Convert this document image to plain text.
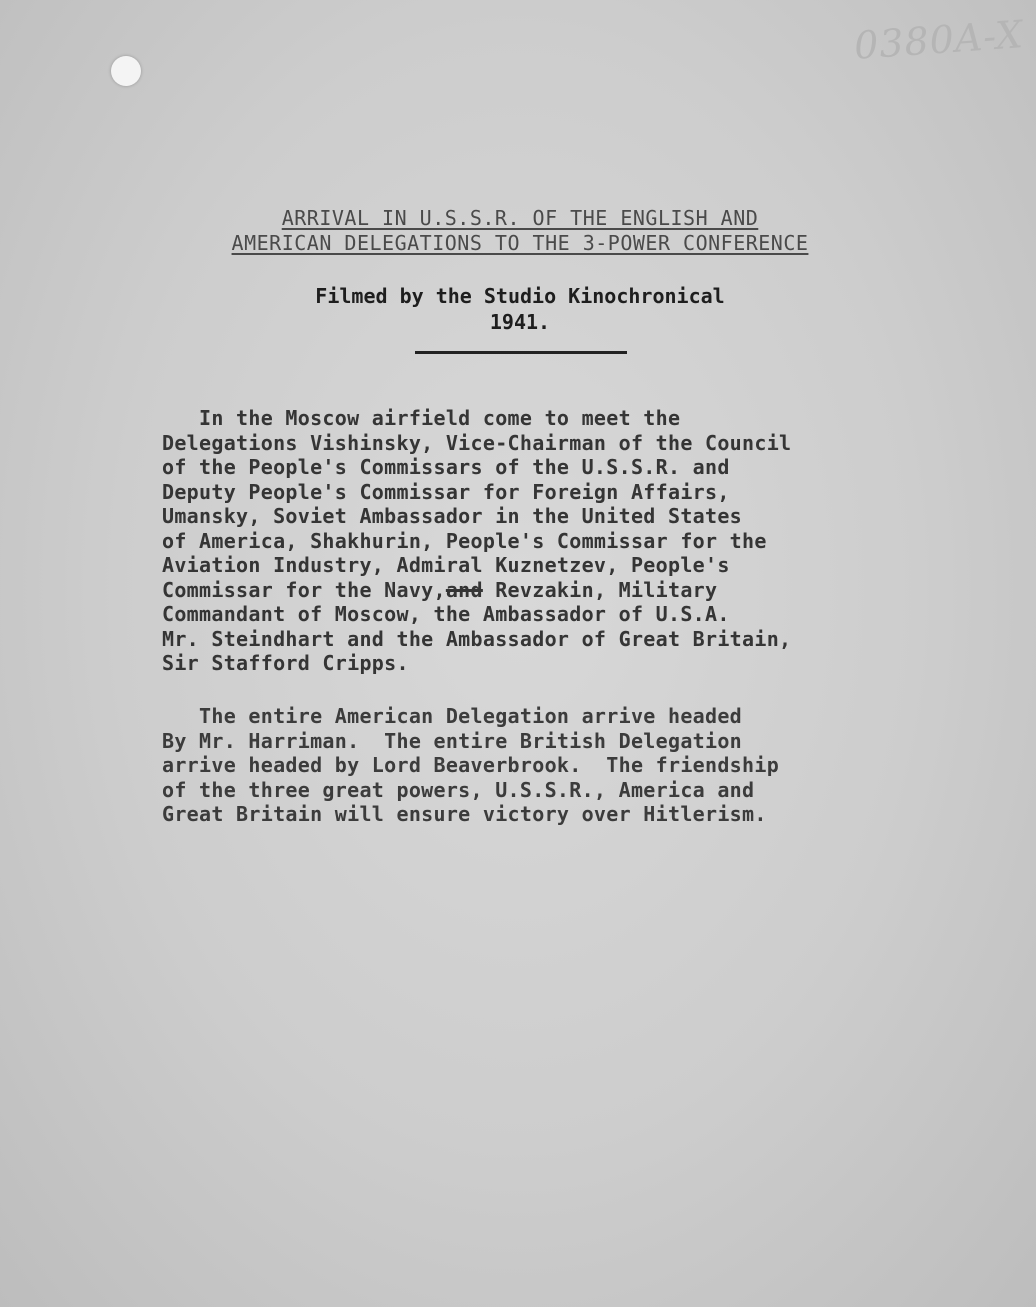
0380A-X
ARRIVAL IN U.S.S.R. OF THE ENGLISH AND
AMERICAN DELEGATIONS TO THE 3-POWER CONFERENCE
Filmed by the Studio Kinochronical
1941.
In the Moscow airfield come to meet the
Delegations Vishinsky, Vice-Chairman of the Council
of the People's Commissars of the U.S.S.R. and
Deputy People's Commissar for Foreign Affairs,
Umansky, Soviet Ambassador in the United States
of America, Shakhurin, People's Commissar for the
Aviation Industry, Admiral Kuznetzev, People's
Commissar for the Navy,and Revzakin, Military
Commandant of Moscow, the Ambassador of U.S.A.
Mr. Steindhart and the Ambassador of Great Britain,
Sir Stafford Cripps.
The entire American Delegation arrive headed
By Mr. Harriman.  The entire British Delegation
arrive headed by Lord Beaverbrook.  The friendship
of the three great powers, U.S.S.R., America and
Great Britain will ensure victory over Hitlerism.
